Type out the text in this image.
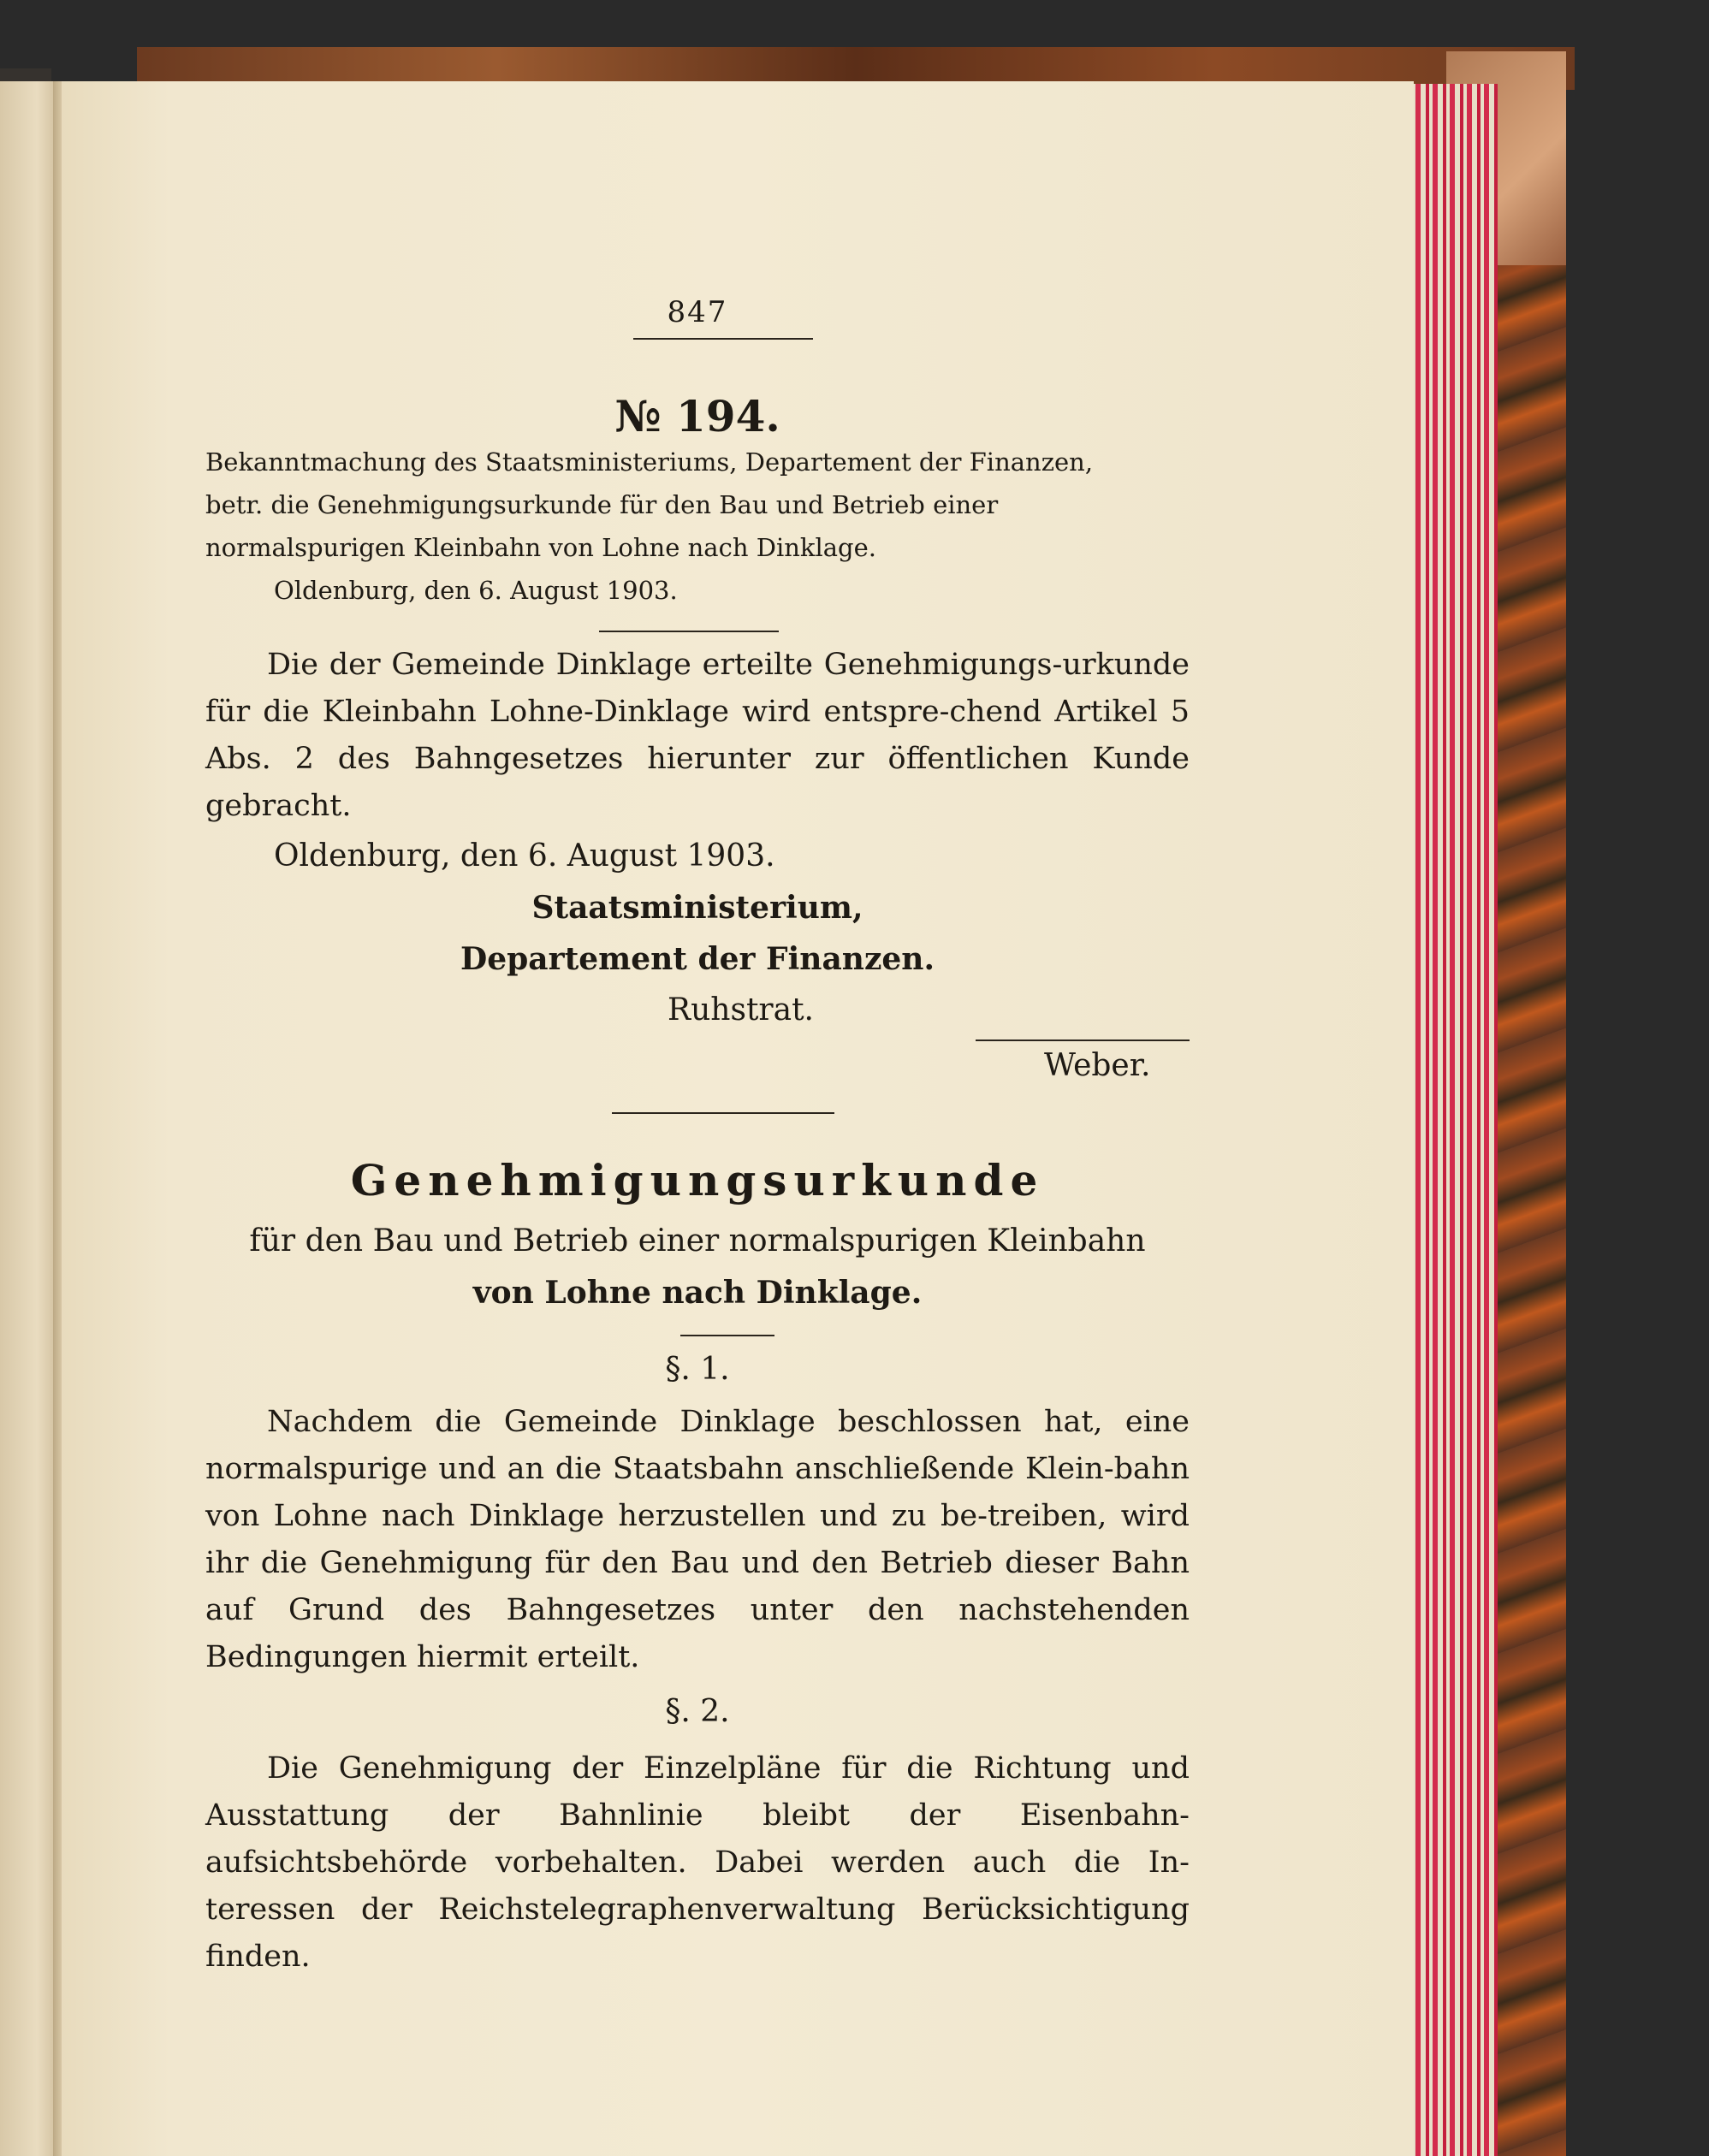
847
№ 194.
Bekanntmachung des Staatsministeriums, Departement der Finanzen,
betr. die Genehmigungsurkunde für den Bau und Betrieb einer
normalspurigen Kleinbahn von Lohne nach Dinklage.
Oldenburg, den 6. August 1903.
Die der Gemeinde Dinklage erteilte Genehmigungs-urkunde für die Kleinbahn Lohne-Dinklage wird entspre-chend Artikel 5 Abs. 2 des Bahngesetzes hierunter zur öffentlichen Kunde gebracht.
Oldenburg, den 6. August 1903.
Staatsministerium,
Departement der Finanzen.
Ruhstrat.
Weber.
Genehmigungsurkunde
für den Bau und Betrieb einer normalspurigen Kleinbahn
von Lohne nach Dinklage.
§. 1.
Nachdem die Gemeinde Dinklage beschlossen hat, eine normalspurige und an die Staatsbahn anschließende Klein-bahn von Lohne nach Dinklage herzustellen und zu be-treiben, wird ihr die Genehmigung für den Bau und den Betrieb dieser Bahn auf Grund des Bahngesetzes unter den nachstehenden Bedingungen hiermit erteilt.
§. 2.
Die Genehmigung der Einzelpläne für die Richtung und Ausstattung der Bahnlinie bleibt der Eisenbahn-aufsichtsbehörde vorbehalten. Dabei werden auch die In-teressen der Reichstelegraphenverwaltung Berücksichtigung finden.
